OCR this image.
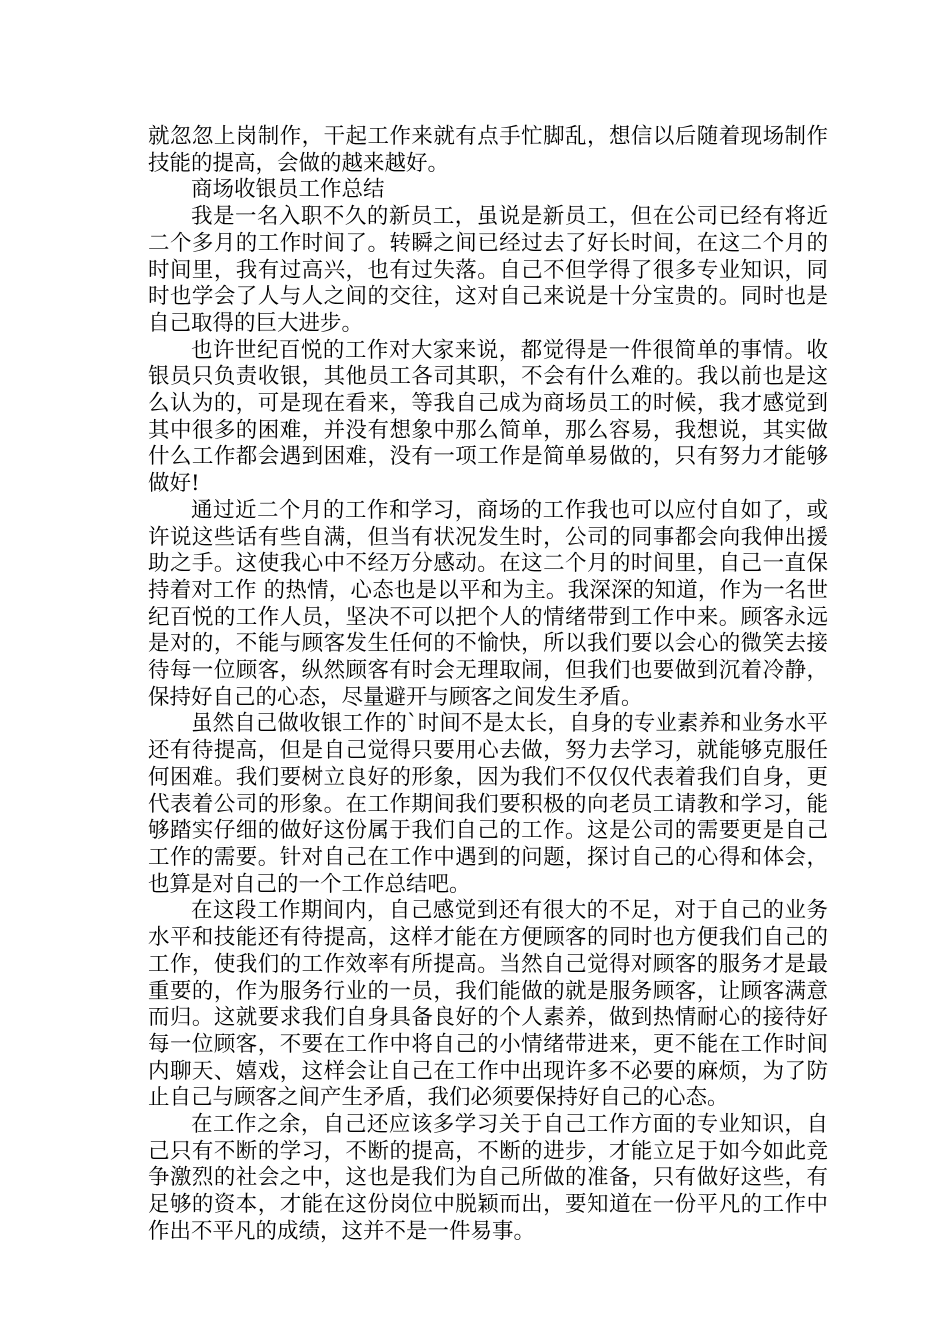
就忽忽上岗制作，干起工作来就有点手忙脚乱，想信以后随着现场制作技能的提高，会做的越来越好。

商场收银员工作总结

我是一名入职不久的新员工，虽说是新员工，但在公司已经有将近二个多月的工作时间了。转瞬之间已经过去了好长时间，在这二个月的时间里，我有过高兴，也有过失落。自己不但学得了很多专业知识，同时也学会了人与人之间的交往，这对自己来说是十分宝贵的。同时也是自己取得的巨大进步。

也许世纪百悦的工作对大家来说，都觉得是一件很简单的事情。收银员只负责收银，其他员工各司其职，不会有什么难的。我以前也是这么认为的，可是现在看来，等我自己成为商场员工的时候，我才感觉到其中很多的困难，并没有想象中那么简单，那么容易，我想说，其实做什么工作都会遇到困难，没有一项工作是简单易做的，只有努力才能够做好!

通过近二个月的工作和学习，商场的工作我也可以应付自如了，或许说这些话有些自满，但当有状况发生时，公司的同事都会向我伸出援助之手。这使我心中不经万分感动。在这二个月的时间里，自己一直保持着对工作 的热情，心态也是以平和为主。我深深的知道，作为一名世纪百悦的工作人员，坚决不可以把个人的情绪带到工作中来。顾客永远是对的，不能与顾客发生任何的不愉快，所以我们要以会心的微笑去接待每一位顾客，纵然顾客有时会无理取闹，但我们也要做到沉着冷静，保持好自己的心态，尽量避开与顾客之间发生矛盾。

虽然自己做收银工作的`时间不是太长，自身的专业素养和业务水平还有待提高，但是自己觉得只要用心去做，努力去学习，就能够克服任何困难。我们要树立良好的形象，因为我们不仅仅代表着我们自身，更代表着公司的形象。在工作期间我们要积极的向老员工请教和学习，能够踏实仔细的做好这份属于我们自己的工作。这是公司的需要更是自己工作的需要。针对自己在工作中遇到的问题，探讨自己的心得和体会，也算是对自己的一个工作总结吧。

在这段工作期间内，自己感觉到还有很大的不足，对于自己的业务水平和技能还有待提高，这样才能在方便顾客的同时也方便我们自己的工作，使我们的工作效率有所提高。当然自己觉得对顾客的服务才是最重要的，作为服务行业的一员，我们能做的就是服务顾客，让顾客满意而归。这就要求我们自身具备良好的个人素养，做到热情耐心的接待好每一位顾客，不要在工作中将自己的小情绪带进来，更不能在工作时间内聊天、嬉戏，这样会让自己在工作中出现许多不必要的麻烦，为了防止自己与顾客之间产生矛盾，我们必须要保持好自己的心态。

在工作之余，自己还应该多学习关于自己工作方面的专业知识，自己只有不断的学习，不断的提高，不断的进步，才能立足于如今如此竞争激烈的社会之中，这也是我们为自己所做的准备，只有做好这些，有足够的资本，才能在这份岗位中脱颖而出，要知道在一份平凡的工作中作出不平凡的成绩，这并不是一件易事。
